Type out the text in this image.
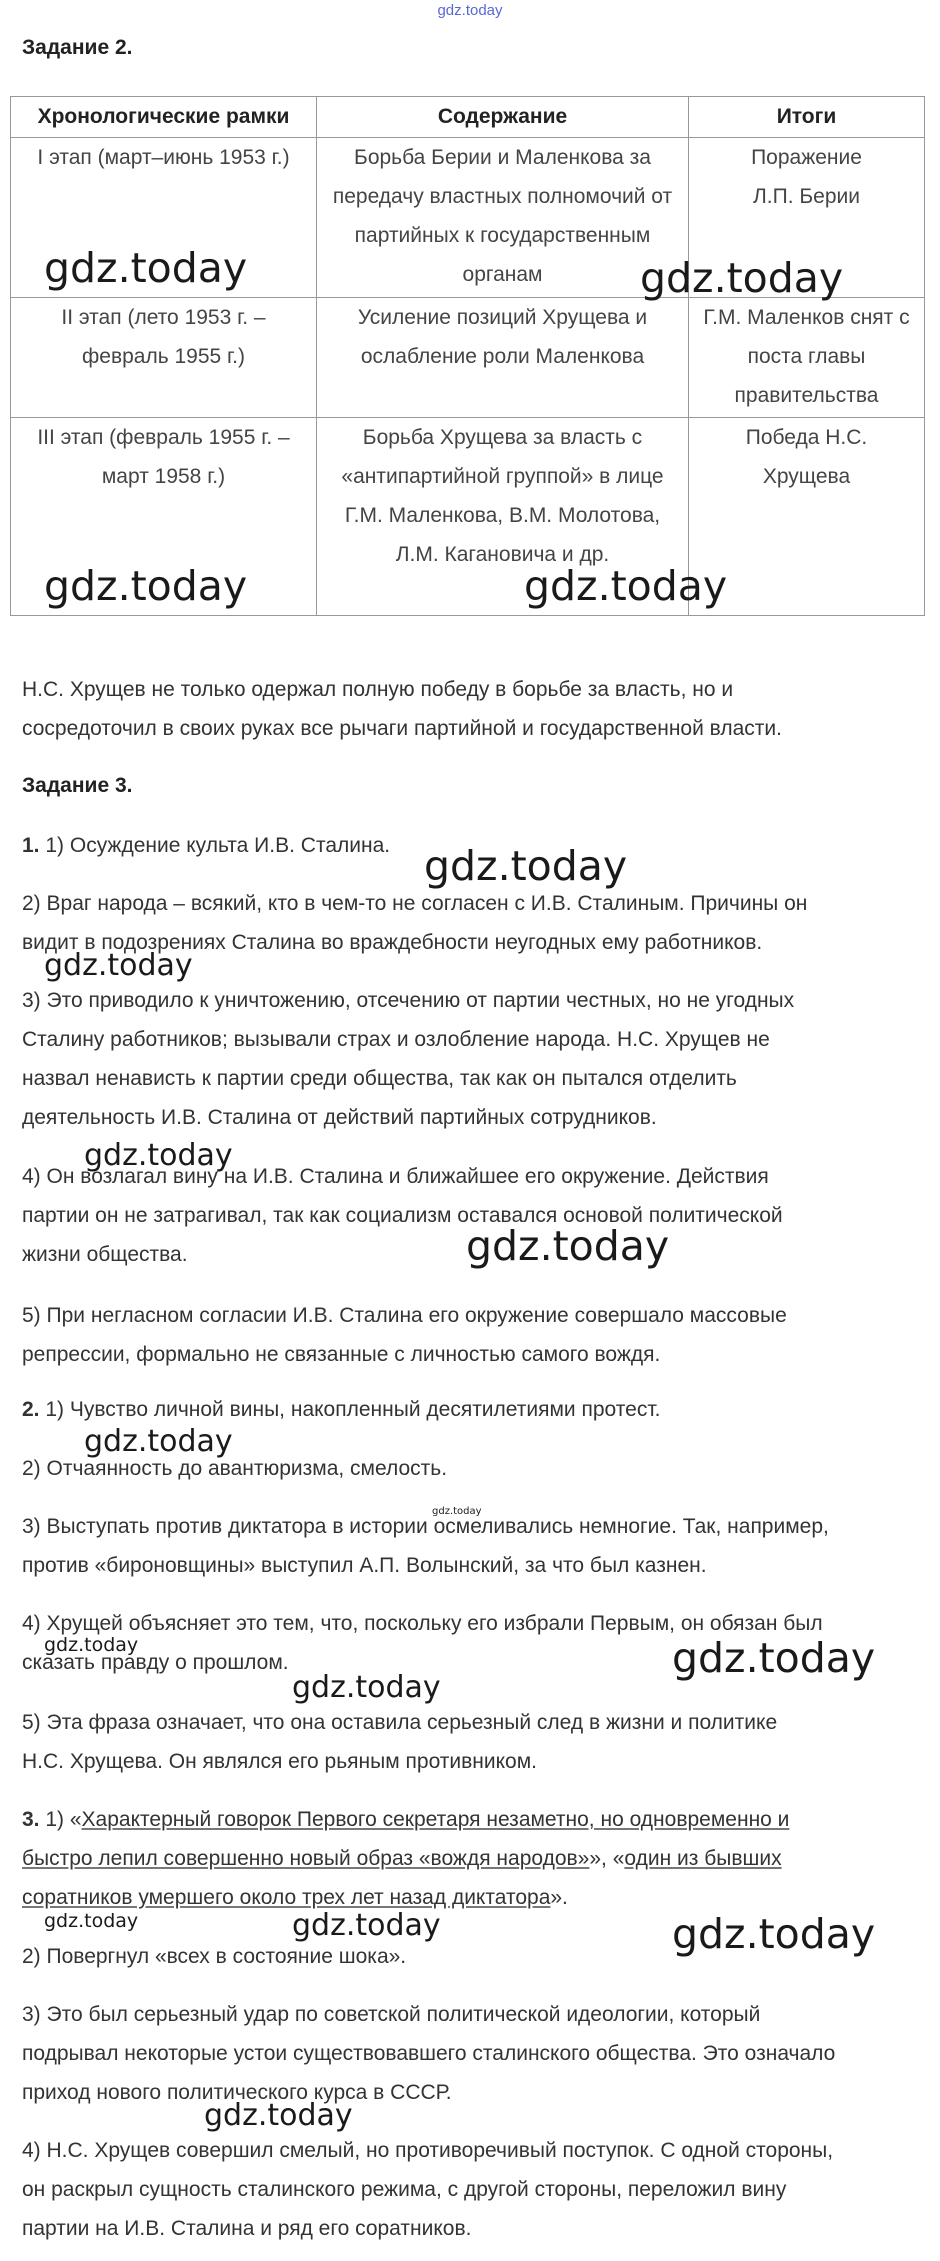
gdz.today
Задание 2.
Хронологические рамки	Содержание	Итоги
I этап (март–июнь 1953 г.)	Борьба Берии и Маленкова за передачу властных полномочий от партийных к государственным органам	Поражение Л.П. Берии
II этап (лето 1953 г. – февраль 1955 г.)	Усиление позиций Хрущева и ослабление роли Маленкова	Г.М. Маленков снят с поста главы правительства
III этап (февраль 1955 г. – март 1958 г.)	Борьба Хрущева за власть с «антипартийной группой» в лице Г.М. Маленкова, В.М. Молотова, Л.М. Кагановича и др.	Победа Н.С. Хрущева
Н.С. Хрущев не только одержал полную победу в борьбе за власть, но и
сосредоточил в своих руках все рычаги партийной и государственной власти.
Задание 3.
1. 1) Осуждение культа И.В. Сталина.
2) Враг народа – всякий, кто в чем-то не согласен с И.В. Сталиным. Причины он
видит в подозрениях Сталина во враждебности неугодных ему работников.
3) Это приводило к уничтожению, отсечению от партии честных, но не угодных
Сталину работников; вызывали страх и озлобление народа. Н.С. Хрущев не
назвал ненависть к партии среди общества, так как он пытался отделить
деятельность И.В. Сталина от действий партийных сотрудников.
4) Он возлагал вину на И.В. Сталина и ближайшее его окружение. Действия
партии он не затрагивал, так как социализм оставался основой политической
жизни общества.
5) При негласном согласии И.В. Сталина его окружение совершало массовые
репрессии, формально не связанные с личностью самого вождя.
2. 1) Чувство личной вины, накопленный десятилетиями протест.
2) Отчаянность до авантюризма, смелость.
3) Выступать против диктатора в истории осмеливались немногие. Так, например,
против «бироновщины» выступил А.П. Волынский, за что был казнен.
4) Хрущей объясняет это тем, что, поскольку его избрали Первым, он обязан был
сказать правду о прошлом.
5) Эта фраза означает, что она оставила серьезный след в жизни и политике
Н.С. Хрущева. Он являлся его рьяным противником.
3. 1) «Характерный говорок Первого секретаря незаметно, но одновременно и
быстро лепил совершенно новый образ «вождя народов»», «один из бывших
соратников умершего около трех лет назад диктатора».
2) Повергнул «всех в состояние шока».
3) Это был серьезный удар по советской политической идеологии, который
подрывал некоторые устои существовавшего сталинского общества. Это означало
приход нового политического курса в СССР.
4) Н.С. Хрущев совершил смелый, но противоречивый поступок. С одной стороны,
он раскрыл сущность сталинского режима, с другой стороны, переложил вину
партии на И.В. Сталина и ряд его соратников.
gdz.today	gdz.today
gdz.today	gdz.today
gdz.today
gdz.today
gdz.today
gdz.today
gdz.today
gdz.today
gdz.today	gdz.today
gdz.today
gdz.today	gdz.today	gdz.today
gdz.today
